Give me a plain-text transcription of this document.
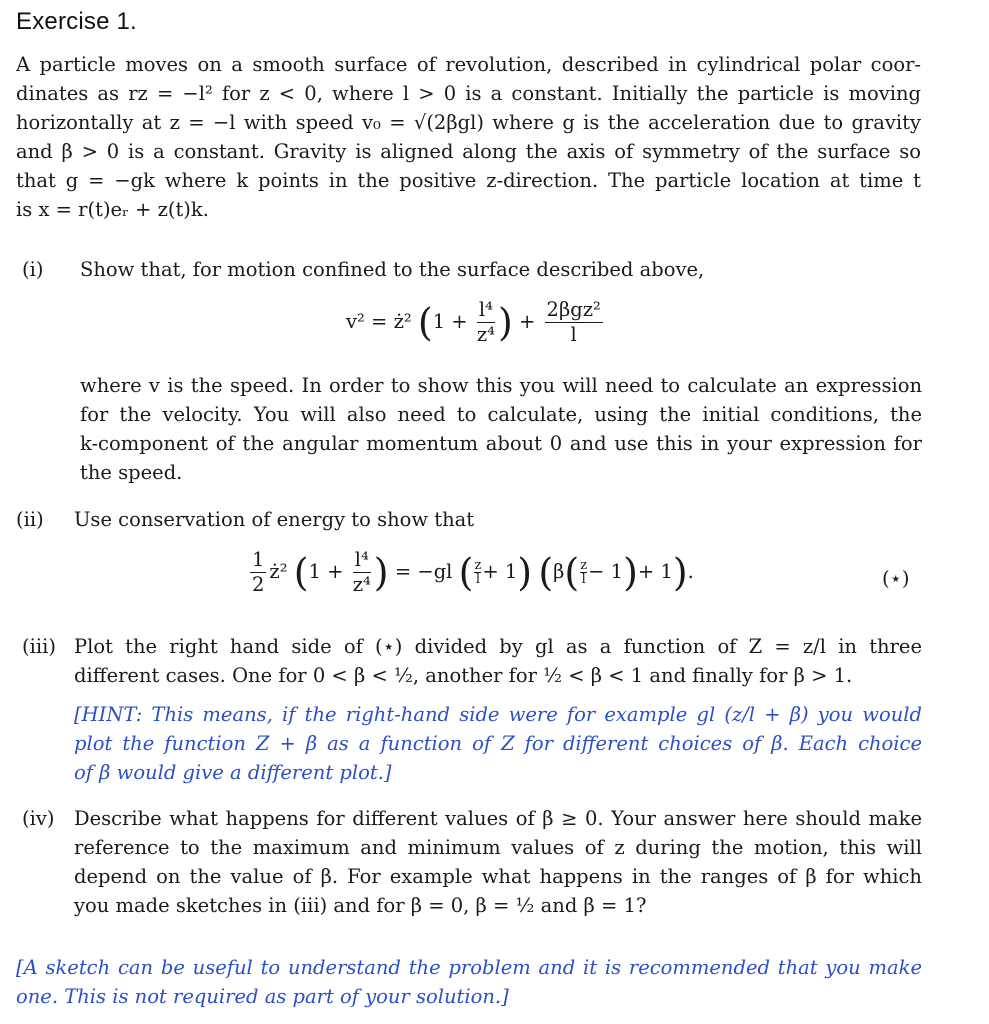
Exercise 1.
A particle moves on a smooth surface of revolution, described in cylindrical polar coor-
dinates as rz = −l² for z < 0, where l > 0 is a constant. Initially the particle is moving
horizontally at z = −l with speed v₀ = √(2βgl) where g is the acceleration due to gravity
and β > 0 is a constant. Gravity is aligned along the axis of symmetry of the surface so
that g = −gk where k points in the positive z-direction. The particle location at time t
is x = r(t)eᵣ + z(t)k.
(i) Show that, for motion confined to the surface described above,
v² = ż² ($1 + \frac{\text{l⁴}}{\text{z⁴}}$ ) + $\frac{\text{2βgz²}}{l}$
where v is the speed. In order to show this you will need to calculate an expression
for the velocity. You will also need to calculate, using the initial conditions, the
k-component of the angular momentum about 0 and use this in your expression for
the speed.
(ii) Use conservation of energy to show that
$\frac{1}{2}$ ż² ($1 + \frac{\text{l⁴}}{\text{z⁴}}$ ) = −gl ( $\frac{z}{l} + 1$) $(\beta( \frac{z}{l} - 1)+ 1)$.	(⋆)
(iii) Plot the right hand side of (⋆) divided by gl as a function of Z = z/l in three
different cases. One for 0 < β < ½, another for ½ < β < 1 and finally for β > 1.
[HINT: This means, if the right-hand side were for example gl (z/l + β) you would
plot the function Z + β as a function of Z for different choices of β. Each choice
of β would give a different plot.]
(iv) Describe what happens for different values of β ≥ 0. Your answer here should make
reference to the maximum and minimum values of z during the motion, this will
depend on the value of β. For example what happens in the ranges of β for which
you made sketches in (iii) and for β = 0, β = ½ and β = 1?
[A sketch can be useful to understand the problem and it is recommended that you make
one. This is not required as part of your solution.]
